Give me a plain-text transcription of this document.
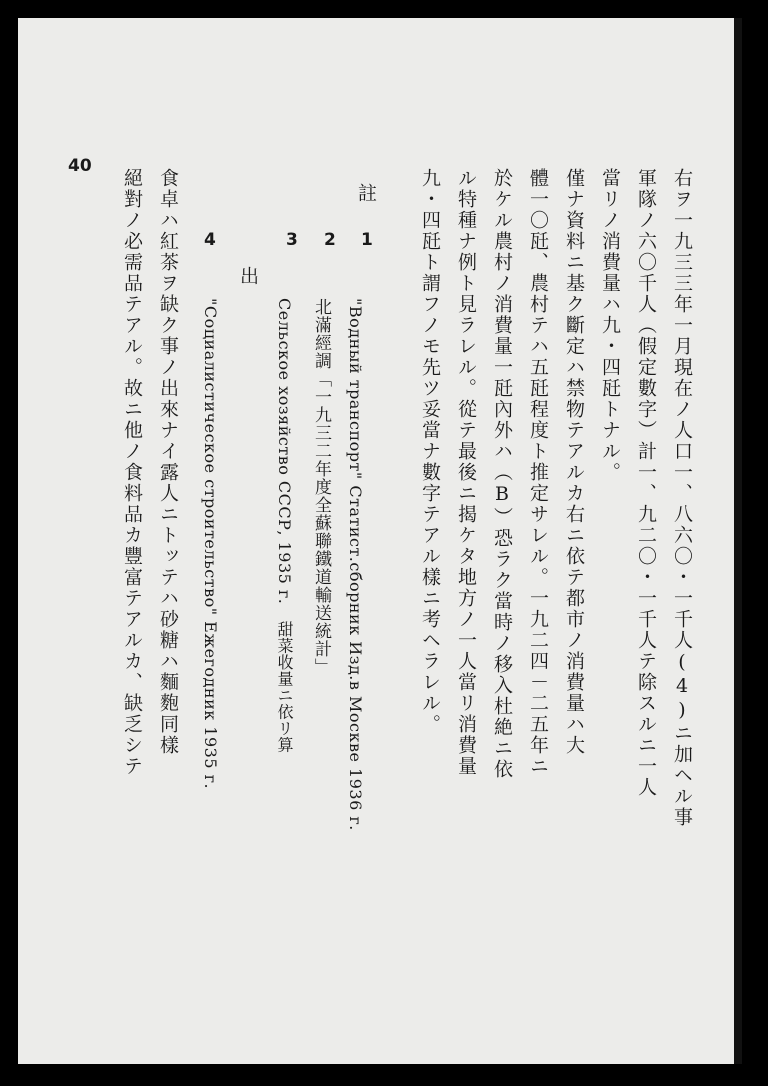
40
右ヲ一九三三年一月現在ノ人口一、八六〇・一千人(4)ニ加ヘル事
軍隊ノ六〇千人（假定數字）計一、九二〇・一千人テ除スルニ一人
當リノ消費量ハ九・四瓩トナル。
僅ナ資料ニ基ク斷定ハ禁物テアルカ右ニ依テ都市ノ消費量ハ大
體一〇瓩、農村テハ五瓩程度ト推定サレル。一九二四－二五年ニ
於ケル農村ノ消費量一瓩內外ハ（B）恐ラク當時ノ移入杜絶ニ依
ル特種ナ例ト見ラレル。從テ最後ニ揭ケタ地方ノ一人當リ消費量
九・四瓩ト謂フノモ先ツ妥當ナ數字テアル樣ニ考ヘラレル。
註
1
"Водный транспорт" Статист.сборник Изд.в Москве 1936 г.
2
北滿經調「一九三二年度全蘇聯鐵道輸送統計」
3
Сельское хозяйство СССР, 1935 г.　甜菜收量ニ依リ算
出
4
"Социалистическое строительство" Ежегодник 1935 г.
食卓ハ紅茶ヲ缺ク事ノ出來ナイ露人ニトッテハ砂糖ハ麵麭同樣
絕對ノ必需品テアル。故ニ他ノ食料品カ豐富テアルカ、缺乏シテ
